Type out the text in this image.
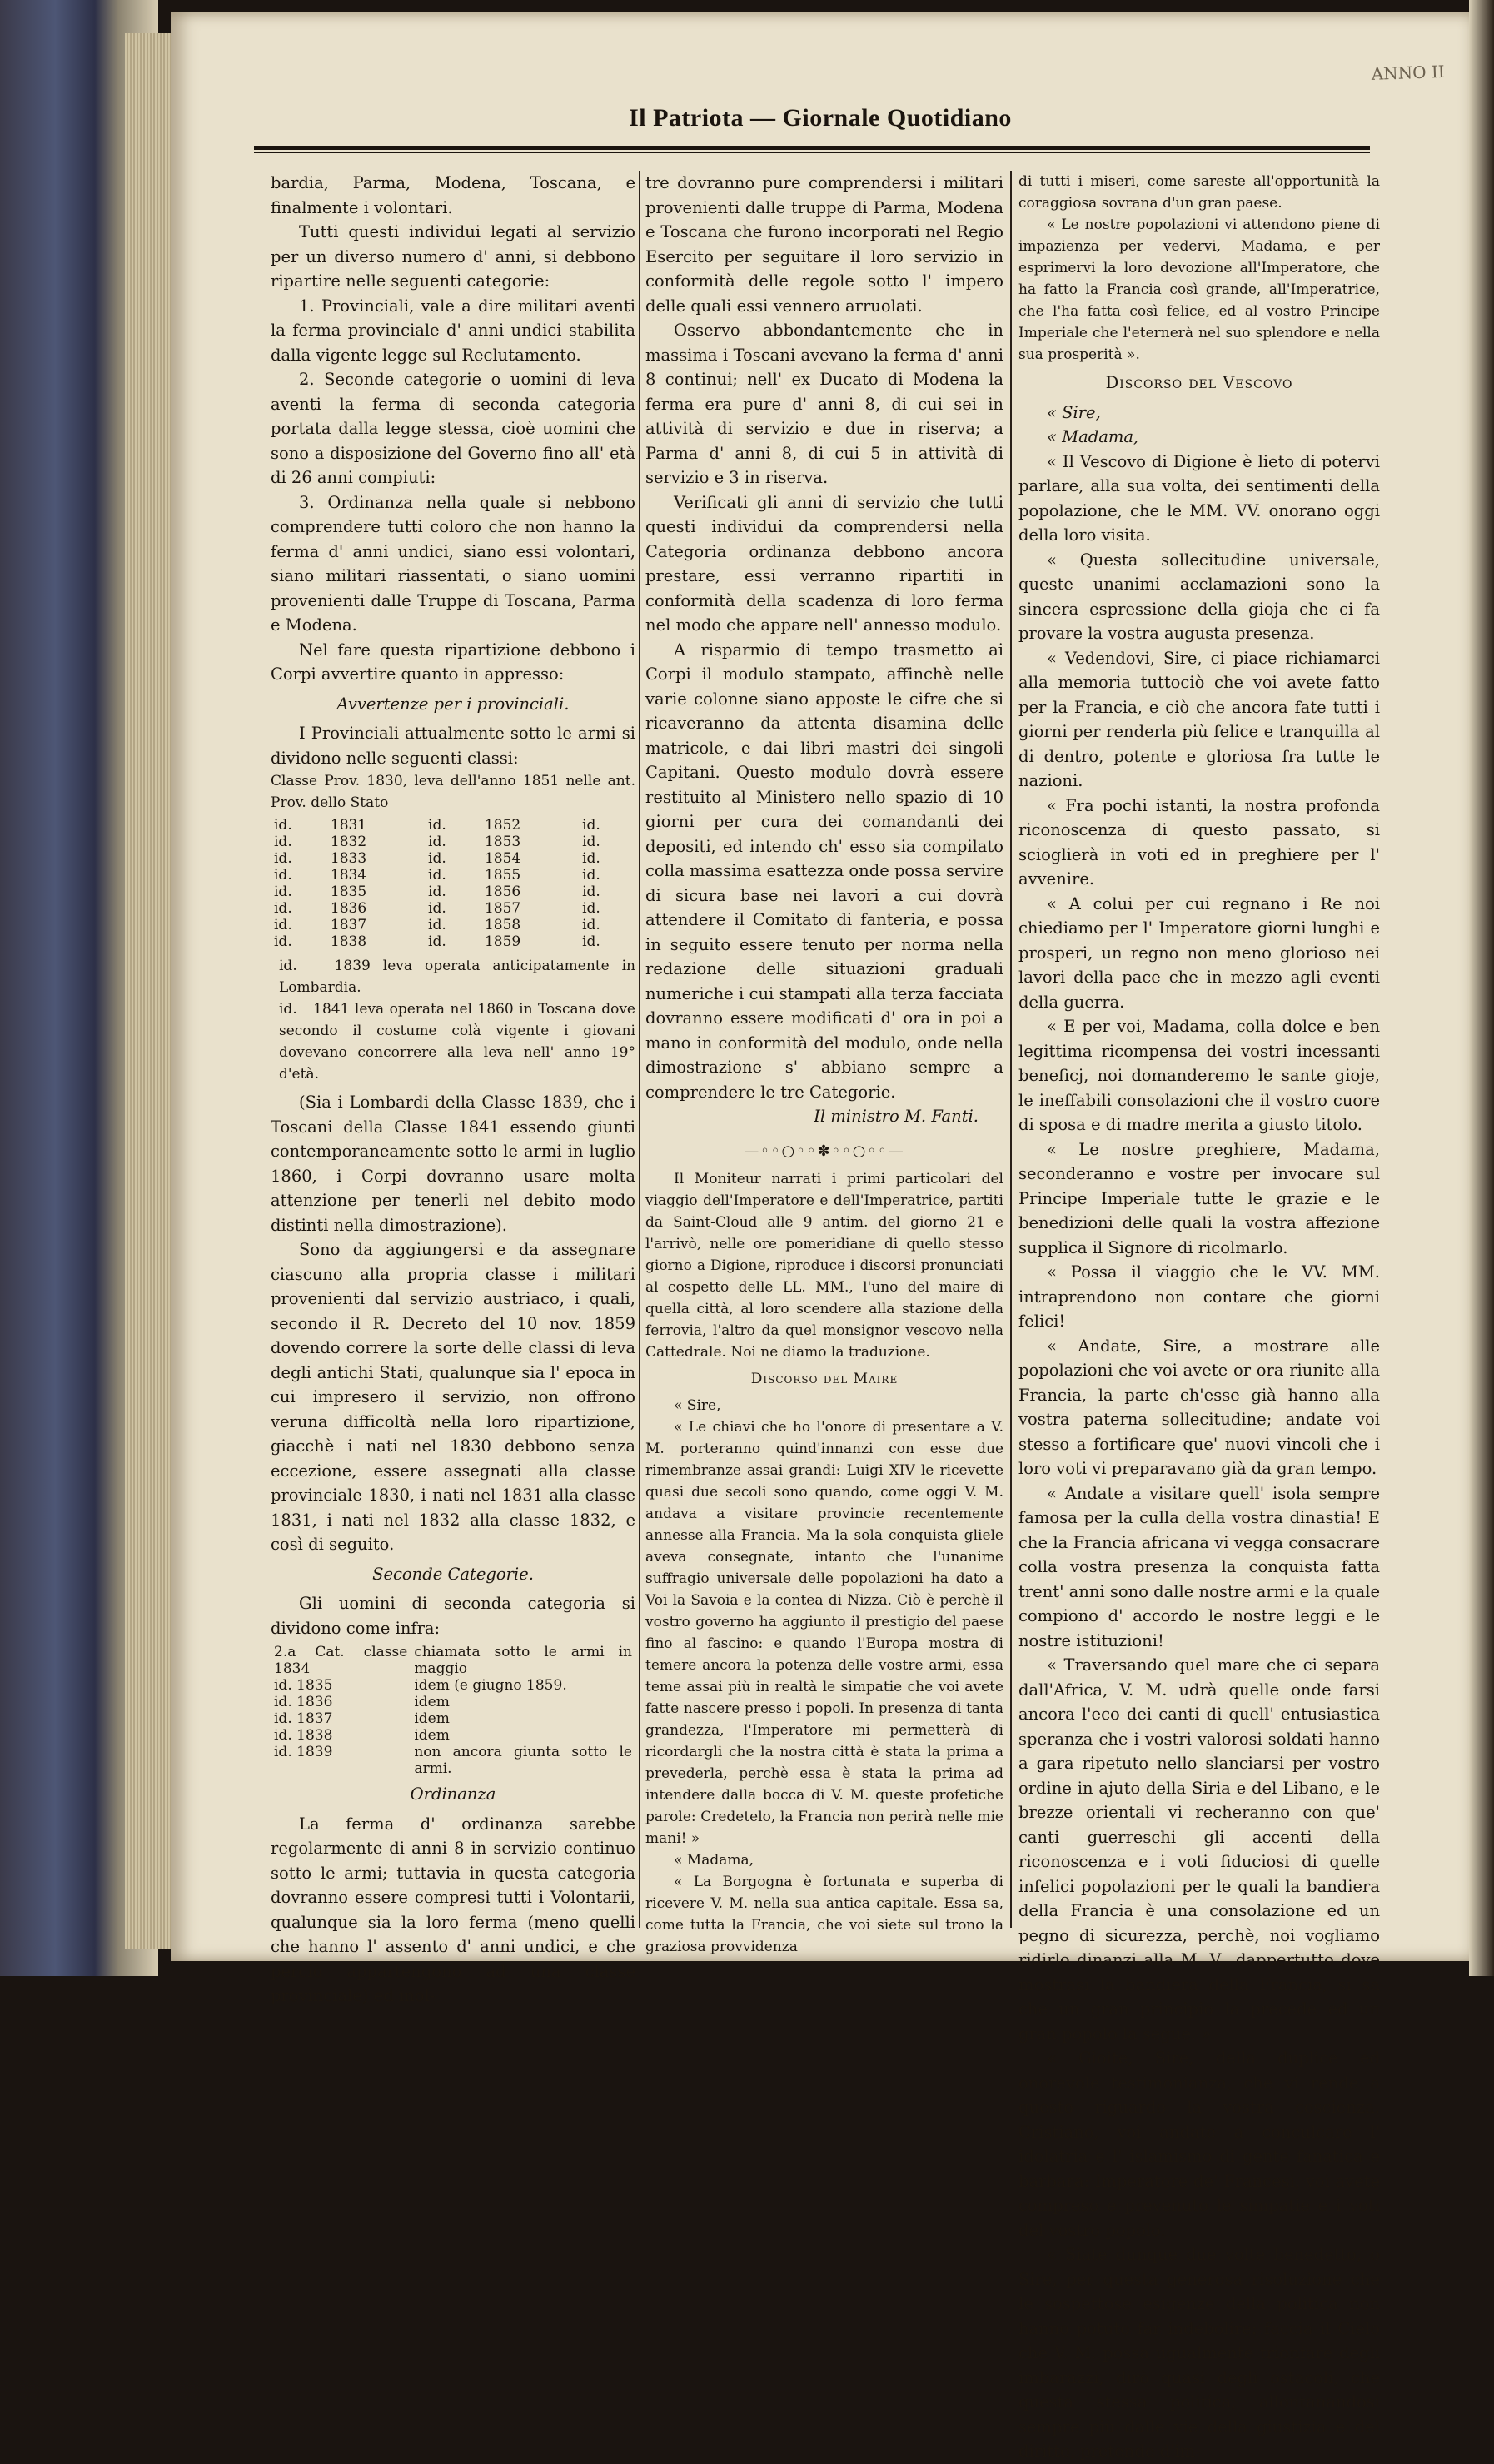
ANNO II
Il Patriota — Giornale Quotidiano

bardia, Parma, Modena, Toscana, e finalmente i volontari.

Tutti questi individui legati al servizio per un diverso numero d' anni, si debbono ripartire nelle seguenti categorie:

1. Provinciali, vale a dire militari aventi la ferma provinciale d' anni undici stabilita dalla vigente legge sul Reclutamento.

2. Seconde categorie o uomini di leva aventi la ferma di seconda categoria portata dalla legge stessa, cioè uomini che sono a disposizione del Governo fino all' età di 26 anni compiuti:

3. Ordinanza nella quale si nebbono comprendere tutti coloro che non hanno la ferma d' anni undici, siano essi volontari, siano militari riassentati, o siano uomini provenienti dalle Truppe di Toscana, Parma e Modena.

Nel fare questa ripartizione debbono i Corpi avvertire quanto in appresso:

Avvertenze per i provinciali.

I Provinciali attualmente sotto le armi si dividono nelle seguenti classi:

Classe Prov. 1830, leva dell'anno 1851 nelle ant. Prov. dello Stato
id.	1831	id.	1852	id.
id.	1832	id.	1853	id.
id.	1833	id.	1854	id.
id.	1834	id.	1855	id.
id.	1835	id.	1856	id.
id.	1836	id.	1857	id.
id.	1837	id.	1858	id.
id.	1838	id.	1859	id.
id.   1839 leva operata anticipatamente in Lombardia.
id.   1841 leva operata nel 1860 in Toscana dove secondo il costume colà vigente i giovani dovevano concorrere alla leva nell' anno 19° d'età.

(Sia i Lombardi della Classe 1839, che i Toscani della Classe 1841 essendo giunti contemporaneamente sotto le armi in luglio 1860, i Corpi dovranno usare molta attenzione per tenerli nel debito modo distinti nella dimostrazione).

Sono da aggiungersi e da assegnare ciascuno alla propria classe i militari provenienti dal servizio austriaco, i quali, secondo il R. Decreto del 10 nov. 1859 dovendo correre la sorte delle classi di leva degli antichi Stati, qualunque sia l' epoca in cui impresero il servizio, non offrono veruna difficoltà nella loro ripartizione, giacchè i nati nel 1830 debbono senza eccezione, essere assegnati alla classe provinciale 1830, i nati nel 1831 alla classe 1831, i nati nel 1832 alla classe 1832, e così di seguito.

Seconde Categorie.

Gli uomini di seconda categoria si dividono come infra:

2.a Cat. classe 1834	chiamata sotto le armi in maggio
id. 1835	idem (e giugno 1859.
id. 1836	idem
id. 1837	idem
id. 1838	idem
id. 1839	non ancora giunta sotto le armi.
Ordinanza

La ferma d' ordinanza sarebbe regolarmente di anni 8 in servizio continuo sotto le armi; tuttavia in questa categoria dovranno essere compresi tutti i Volontarii, qualunque sia la loro ferma (meno quelli che hanno l' assento d' anni undici, e che perciò appartengono ad una classe provinciale) ed inol-

tre dovranno pure comprendersi i militari provenienti dalle truppe di Parma, Modena e Toscana che furono incorporati nel Regio Esercito per seguitare il loro servizio in conformità delle regole sotto l' impero delle quali essi vennero arruolati.

Osservo abbondantemente che in massima i Toscani avevano la ferma d' anni 8 continui; nell' ex Ducato di Modena la ferma era pure d' anni 8, di cui sei in attività di servizio e due in riserva; a Parma d' anni 8, di cui 5 in attività di servizio e 3 in riserva.

Verificati gli anni di servizio che tutti questi individui da comprendersi nella Categoria ordinanza debbono ancora prestare, essi verranno ripartiti in conformità della scadenza di loro ferma nel modo che appare nell' annesso modulo.

A risparmio di tempo trasmetto ai Corpi il modulo stampato, affinchè nelle varie colonne siano apposte le cifre che si ricaveranno da attenta disamina delle matricole, e dai libri mastri dei singoli Capitani. Questo modulo dovrà essere restituito al Ministero nello spazio di 10 giorni per cura dei comandanti dei depositi, ed intendo ch' esso sia compilato colla massima esattezza onde possa servire di sicura base nei lavori a cui dovrà attendere il Comitato di fanteria, e possa in seguito essere tenuto per norma nella redazione delle situazioni graduali numeriche i cui stampati alla terza facciata dovranno essere modificati d' ora in poi a mano in conformità del modulo, onde nella dimostrazione s' abbiano sempre a comprendere le tre Categorie.

Il ministro M. Fanti.

—◦◦○◦◦✽◦◦○◦◦—

Il Moniteur narrati i primi particolari del viaggio dell'Imperatore e dell'Imperatrice, partiti da Saint-Cloud alle 9 antim. del giorno 21 e l'arrivò, nelle ore pomeridiane di quello stesso giorno a Digione, riproduce i discorsi pronunciati al cospetto delle LL. MM., l'uno del maire di quella città, al loro scendere alla stazione della ferrovia, l'altro da quel monsignor vescovo nella Cattedrale. Noi ne diamo la traduzione.

Discorso del Maire

« Sire,

« Le chiavi che ho l'onore di presentare a V. M. porteranno quind'innanzi con esse due rimembranze assai grandi: Luigi XIV le ricevette quasi due secoli sono quando, come oggi V. M. andava a visitare provincie recentemente annesse alla Francia. Ma la sola conquista gliele aveva consegnate, intanto che l'unanime suffragio universale delle popolazioni ha dato a Voi la Savoia e la contea di Nizza. Ciò è perchè il vostro governo ha aggiunto il prestigio del paese fino al fascino: e quando l'Europa mostra di temere ancora la potenza delle vostre armi, essa teme assai più in realtà le simpatie che voi avete fatte nascere presso i popoli. In presenza di tanta grandezza, l'Imperatore mi permetterà di ricordargli che la nostra città è stata la prima a prevederla, perchè essa è stata la prima ad intendere dalla bocca di V. M. queste profetiche parole: Credetelo, la Francia non perirà nelle mie mani! »

« Madama,

« La Borgogna è fortunata e superba di ricevere V. M. nella sua antica capitale. Essa sa, come tutta la Francia, che voi siete sul trono la graziosa provvidenza

di tutti i miseri, come sareste all'opportunità la coraggiosa sovrana d'un gran paese.

« Le nostre popolazioni vi attendono piene di impazienza per vedervi, Madama, e per esprimervi la loro devozione all'Imperatore, che ha fatto la Francia così grande, all'Imperatrice, che l'ha fatta così felice, ed al vostro Principe Imperiale che l'eternerà nel suo splendore e nella sua prosperità ».

Discorso del Vescovo

« Sire,

« Madama,

« Il Vescovo di Digione è lieto di potervi parlare, alla sua volta, dei sentimenti della popolazione, che le MM. VV. onorano oggi della loro visita.

« Questa sollecitudine universale, queste unanimi acclamazioni sono la sincera espressione della gioja che ci fa provare la vostra augusta presenza.

« Vedendovi, Sire, ci piace richiamarci alla memoria tuttociò che voi avete fatto per la Francia, e ciò che ancora fate tutti i giorni per renderla più felice e tranquilla al di dentro, potente e gloriosa fra tutte le nazioni.

« Fra pochi istanti, la nostra profonda riconoscenza di questo passato, si scioglierà in voti ed in preghiere per l' avvenire.

« A colui per cui regnano i Re noi chiediamo per l' Imperatore giorni lunghi e prosperi, un regno non meno glorioso nei lavori della pace che in mezzo agli eventi della guerra.

« E per voi, Madama, colla dolce e ben legittima ricompensa dei vostri incessanti beneficj, noi domanderemo le sante gioje, le ineffabili consolazioni che il vostro cuore di sposa e di madre merita a giusto titolo.

« Le nostre preghiere, Madama, seconderanno e vostre per invocare sul Principe Imperiale tutte le grazie e le benedizioni delle quali la vostra affezione supplica il Signore di ricolmarlo.

« Possa il viaggio che le VV. MM. intraprendono non contare che giorni felici!

« Andate, Sire, a mostrare alle popolazioni che voi avete or ora riunite alla Francia, la parte ch'esse già hanno alla vostra paterna sollecitudine; andate voi stesso a fortificare que' nuovi vincoli che i loro voti vi preparavano già da gran tempo.

« Andate a visitare quell' isola sempre famosa per la culla della vostra dinastia! E che la Francia africana vi vegga consacrare colla vostra presenza la conquista fatta trent' anni sono dalle nostre armi e la quale compiono d' accordo le nostre leggi e le nostre istituzioni!

« Traversando quel mare che ci separa dall'Africa, V. M. udrà quelle onde farsi ancora l'eco dei canti di quell' entusiastica speranza che i vostri valorosi soldati hanno a gara ripetuto nello slanciarsi per vostro ordine in ajuto della Siria e del Libano, e le brezze orientali vi recheranno con que' canti guerreschi gli accenti della riconoscenza e i voti fiduciosi di quelle infelici popolazioni per le quali la bandiera della Francia è una consolazione ed un pegno di sicurezza, perchè, noi vogliamo ridirlo dinanzi alla M. V., dappertutto dove mostrasi la bandiera della Francia, si sa che un gran principio la precede ed un gran popolo la segue. »

« Gioite, Sire, della duplice ed onorevole testimonianza, che vi rende a questo riguardo la vostra coscienza. Cristiano, voi andate a conculcare l' idolatria e l' islamismo di gente fanatica e barbara: Imperatore de' Francesi, voi avete compreso e prevenuto le simpatie e i voti del vostro popolo.

« Siate dunque due volte benedetto, o Sire, per questa generosa risoluzione che le sospettose esigenze della politica non hanno potuto far indebolire: faccia il Cielo che V. M. possa ugualmente trionfare degli imbarazzi, dirò quasi degli ostacoli, che questa stessa politica, allontanandosi sempre più dalle vie della giustizia e del diritto, pretende d'im-
